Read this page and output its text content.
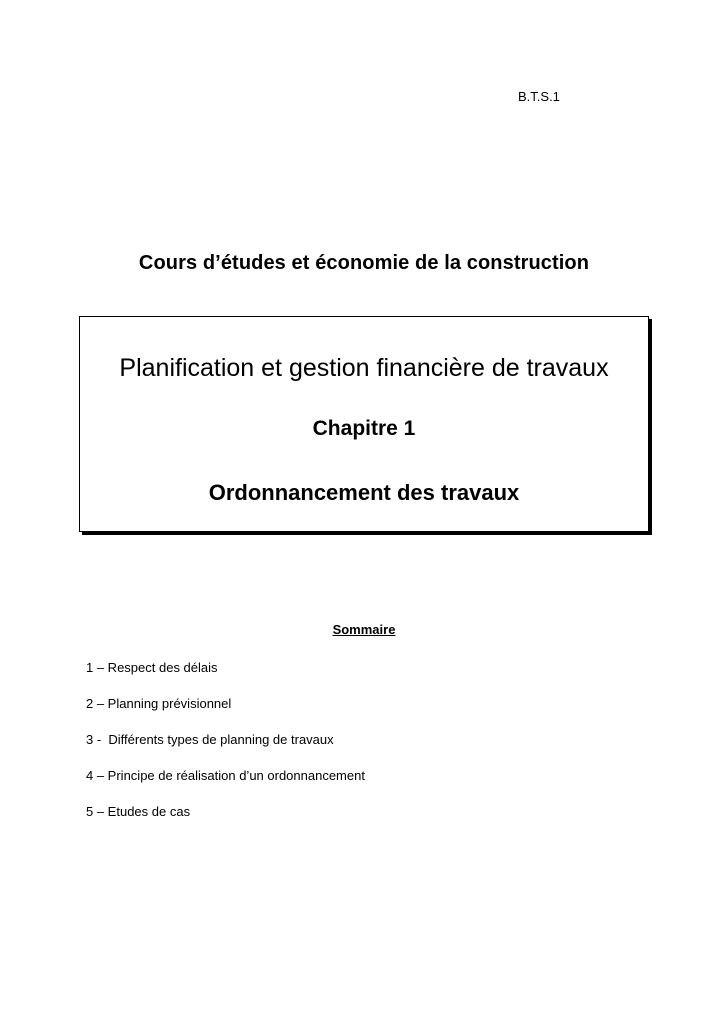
B.T.S.1
Cours d’études et économie de la construction
Planification et gestion financière de travaux
Chapitre 1
Ordonnancement des travaux
Sommaire
1 – Respect des délais
2 – Planning prévisionnel
3 -  Différents types de planning de travaux
4 – Principe de réalisation d’un ordonnancement
5 – Etudes de cas
